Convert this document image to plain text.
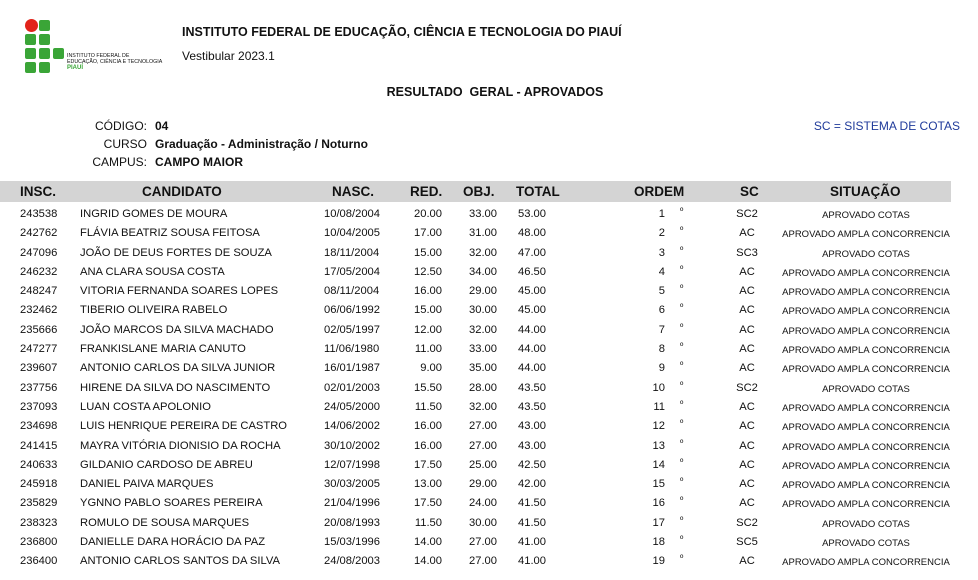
INSTITUTO FEDERAL DE
EDUCAÇÃO, CIÊNCIA E TECNOLOGIA
PIAUÍ
INSTITUTO FEDERAL DE EDUCAÇÃO, CIÊNCIA E TECNOLOGIA DO PIAUÍ
Vestibular 2023.1
RESULTADO  GERAL - APROVADOS
SC = SISTEMA DE COTAS
CÓDIGO: 04
CURSO Graduação - Administração / Noturno
CAMPUS: CAMPO MAIOR
INSC.	CANDIDATO	NASC.	RED. OBJ. TOTAL	ORDEM	SC	SITUAÇÃO
243538 INGRID GOMES DE MOURA	10/08/2004	20.00 33.00 53.00	1	SC2	APROVADO COTAS
º
242762 FLÁVIA BEATRIZ SOUSA FEITOSA	10/04/2005	17.00 31.00 48.00	2	AC	APROVADO AMPLA CONCORRENCIA
º
247096 JOÃO DE DEUS FORTES DE SOUZA	18/11/2004	15.00 32.00 47.00	3	SC3	APROVADO COTAS
º
246232 ANA CLARA SOUSA COSTA	17/05/2004	12.50 34.00 46.50	4	AC	APROVADO AMPLA CONCORRENCIA
º
248247 VITORIA FERNANDA SOARES LOPES	08/11/2004	16.00 29.00 45.00	5	AC	APROVADO AMPLA CONCORRENCIA
º
232462 TIBERIO OLIVEIRA RABELO	06/06/1992	15.00 30.00 45.00	6	AC	APROVADO AMPLA CONCORRENCIA
º
235666 JOÃO MARCOS DA SILVA MACHADO	02/05/1997	12.00 32.00 44.00	7	AC	APROVADO AMPLA CONCORRENCIA
º
247277 FRANKISLANE MARIA CANUTO	11/06/1980	11.00 33.00 44.00	8	AC	APROVADO AMPLA CONCORRENCIA
º
239607 ANTONIO CARLOS DA SILVA JUNIOR	16/01/1987	9.00 35.00 44.00	9	AC	APROVADO AMPLA CONCORRENCIA
º
237756 HIRENE DA SILVA DO NASCIMENTO	02/01/2003	15.50 28.00 43.50	10	SC2	APROVADO COTAS
º
237093 LUAN COSTA APOLONIO	24/05/2000	11.50 32.00 43.50	11	AC	APROVADO AMPLA CONCORRENCIA
º
234698 LUIS HENRIQUE PEREIRA DE CASTRO	14/06/2002	16.00 27.00 43.00	12	AC	APROVADO AMPLA CONCORRENCIA
º
241415 MAYRA VITÓRIA DIONISIO DA ROCHA	30/10/2002	16.00 27.00 43.00	13	AC	APROVADO AMPLA CONCORRENCIA
º
240633 GILDANIO CARDOSO DE ABREU	12/07/1998	17.50 25.00 42.50	14	AC	APROVADO AMPLA CONCORRENCIA
º
245918 DANIEL PAIVA MARQUES	30/03/2005	13.00 29.00 42.00	15	AC	APROVADO AMPLA CONCORRENCIA
º
235829 YGNNO PABLO SOARES PEREIRA	21/04/1996	17.50 24.00 41.50	16	AC	APROVADO AMPLA CONCORRENCIA
º
238323 ROMULO DE SOUSA MARQUES	20/08/1993	11.50 30.00 41.50	17	SC2	APROVADO COTAS
º
236800 DANIELLE DARA HORÁCIO DA PAZ	15/03/1996	14.00 27.00 41.00	18	SC5	APROVADO COTAS
º
236400 ANTONIO CARLOS SANTOS DA SILVA	24/08/2003	14.00 27.00 41.00	19	AC	APROVADO AMPLA CONCORRENCIA
º
